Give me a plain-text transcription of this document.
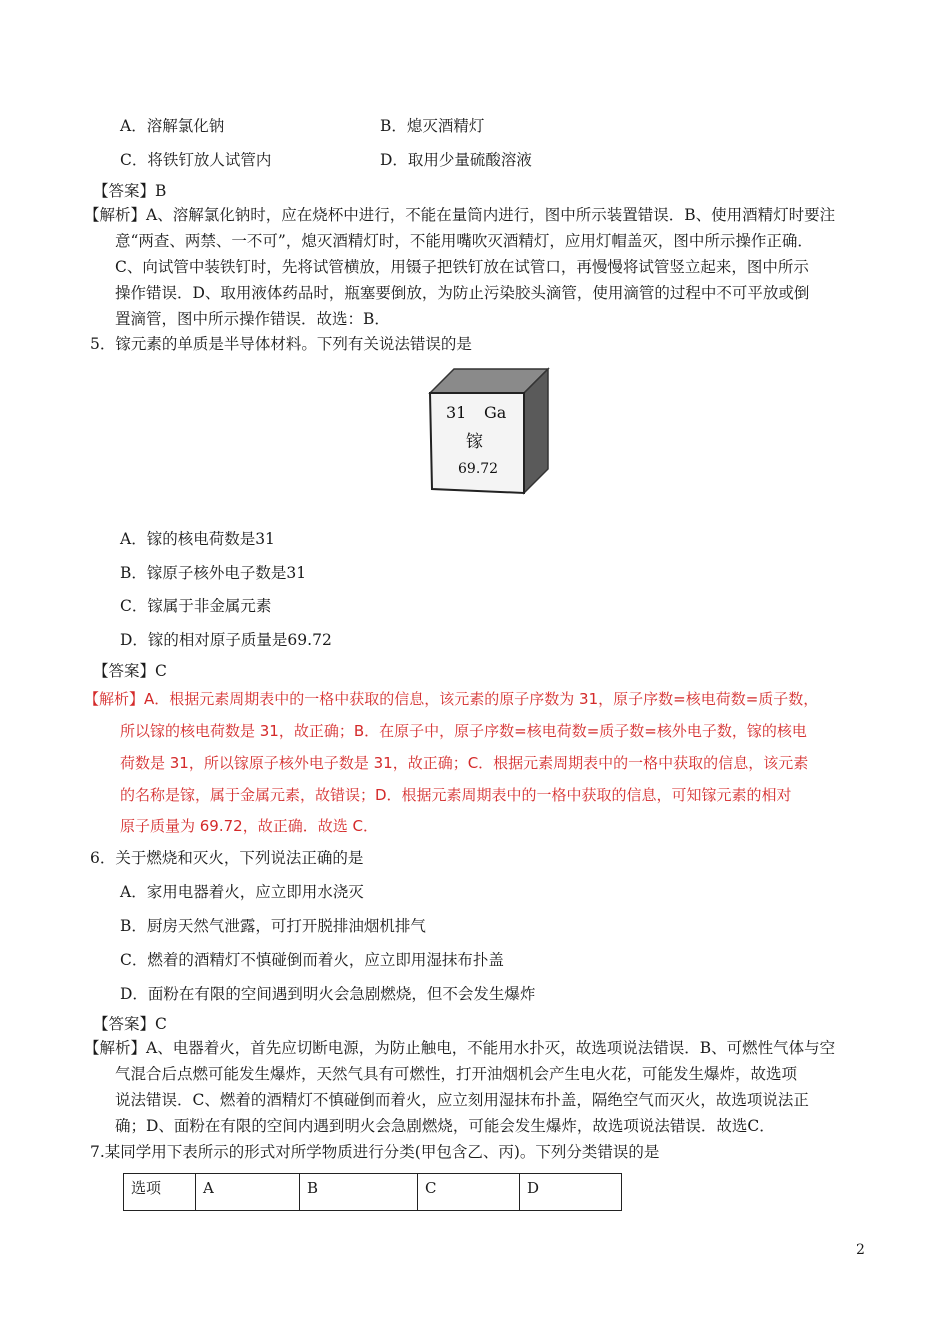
A．溶解氯化钠	B．熄灭酒精灯
C．将铁钉放人试管内	D．取用少量硫酸溶液
【答案】B
【解析】A、溶解氯化钠时，应在烧杯中进行，不能在量筒内进行，图中所示装置错误．B、使用酒精灯时要注
意“两查、两禁、一不可”，熄灭酒精灯时，不能用嘴吹灭酒精灯，应用灯帽盖灭，图中所示操作正确．
C、向试管中装铁钉时，先将试管横放，用镊子把铁钉放在试管口，再慢慢将试管竖立起来，图中所示
操作错误．D、取用液体药品时，瓶塞要倒放，为防止污染胶头滴管，使用滴管的过程中不可平放或倒
置滴管，图中所示操作错误．故选：B．
5．镓元素的单质是半导体材料。下列有关说法错误的是
31 Ga
镓
69.72
A．镓的核电荷数是31
B．镓原子核外电子数是31
C．镓属于非金属元素
D．镓的相对原子质量是69.72
【答案】C
【解析】A．根据元素周期表中的一格中获取的信息，该元素的原子序数为 31，原子序数=核电荷数=质子数，
所以镓的核电荷数是 31，故正确；B．在原子中，原子序数=核电荷数=质子数=核外电子数，镓的核电
荷数是 31，所以镓原子核外电子数是 31，故正确；C．根据元素周期表中的一格中获取的信息，该元素
的名称是镓，属于金属元素，故错误；D．根据元素周期表中的一格中获取的信息，可知镓元素的相对
原子质量为 69.72，故正确．故选 C．
6．关于燃烧和灭火，下列说法正确的是
A．家用电器着火，应立即用水浇灭
B．厨房天然气泄露，可打开脱排油烟机排气
C．燃着的酒精灯不慎碰倒而着火，应立即用湿抹布扑盖
D．面粉在有限的空间遇到明火会急剧燃烧，但不会发生爆炸
【答案】C
【解析】A、电器着火，首先应切断电源，为防止触电，不能用水扑灭，故选项说法错误．B、可燃性气体与空
气混合后点燃可能发生爆炸，天然气具有可燃性，打开油烟机会产生电火花，可能发生爆炸，故选项
说法错误．C、燃着的酒精灯不慎碰倒而着火，应立刻用湿抹布扑盖，隔绝空气而灭火，故选项说法正
确；D、面粉在有限的空间内遇到明火会急剧燃烧，可能会发生爆炸，故选项说法错误．故选C．
7.某同学用下表所示的形式对所学物质进行分类(甲包含乙、丙)。下列分类错误的是
选项	A	B	C	D
2
